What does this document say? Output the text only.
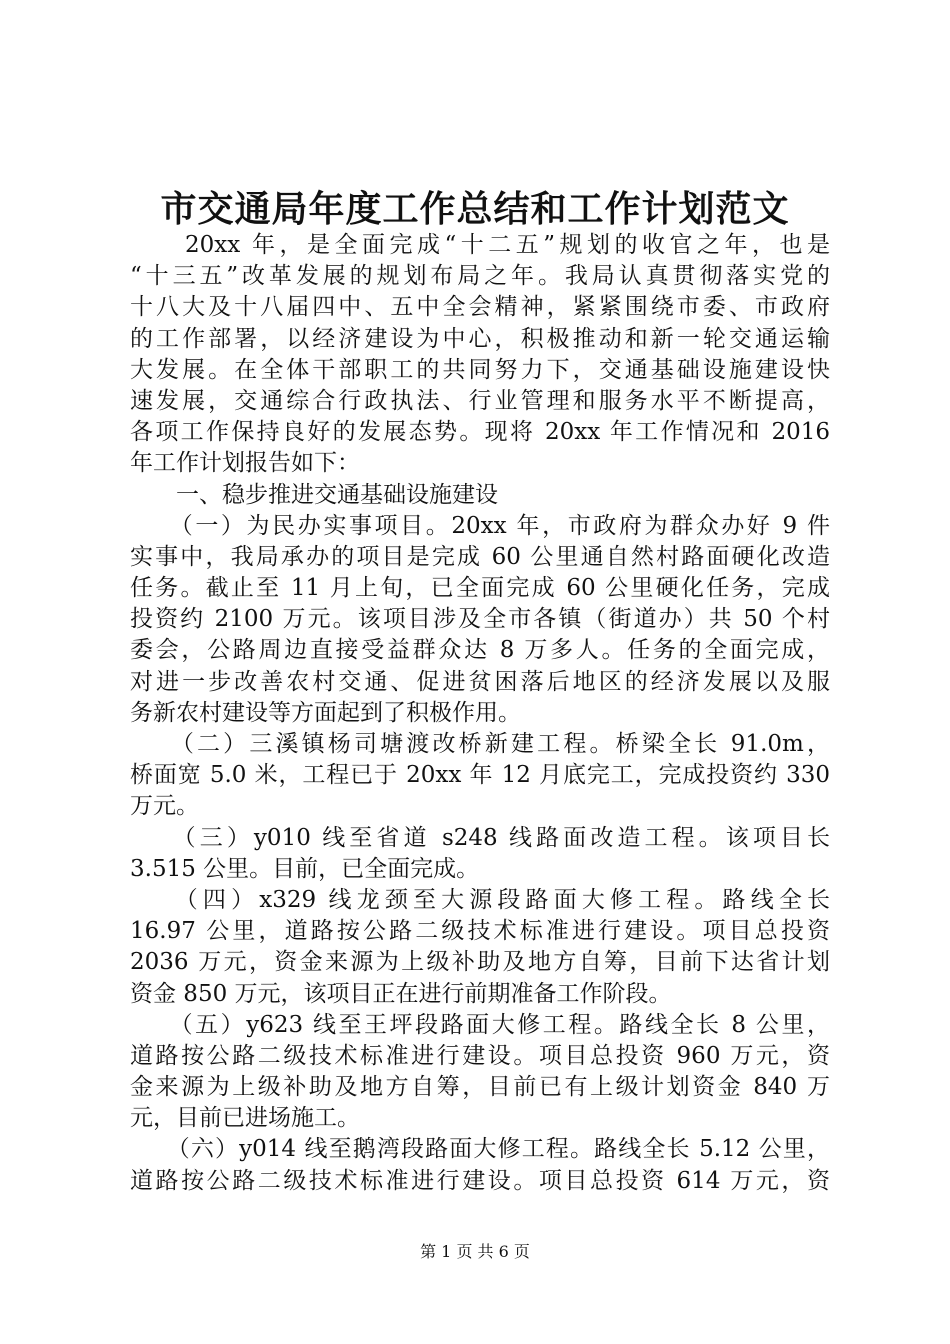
市交通局年度工作总结和工作计划范文
　　20xx 年，是全面完成“十二五”规划的收官之年，也是
“十三五”改革发展的规划布局之年。我局认真贯彻落实党的
十八大及十八届四中、五中全会精神，紧紧围绕市委、市政府
的工作部署，以经济建设为中心，积极推动和新一轮交通运输
大发展。在全体干部职工的共同努力下，交通基础设施建设快
速发展，交通综合行政执法、行业管理和服务水平不断提高，
各项工作保持良好的发展态势。现将 20xx 年工作情况和 2016
年工作计划报告如下：
　　一、稳步推进交通基础设施建设
　　（一）为民办实事项目。20xx 年，市政府为群众办好 9 件
实事中，我局承办的项目是完成 60 公里通自然村路面硬化改造
任务。截止至 11 月上旬，已全面完成 60 公里硬化任务，完成
投资约 2100 万元。该项目涉及全市各镇（街道办）共 50 个村
委会，公路周边直接受益群众达 8 万多人。任务的全面完成，
对进一步改善农村交通、促进贫困落后地区的经济发展以及服
务新农村建设等方面起到了积极作用。
　　（二）三溪镇杨司塘渡改桥新建工程。桥梁全长 91.0m，
桥面宽 5.0 米，工程已于 20xx 年 12 月底完工，完成投资约 330
万元。
　　（三）y010 线至省道 s248 线路面改造工程。该项目长
3.515 公里。目前，已全面完成。
　　（四）x329 线龙颈至大源段路面大修工程。路线全长
16.97 公里，道路按公路二级技术标准进行建设。项目总投资
2036 万元，资金来源为上级补助及地方自筹，目前下达省计划
资金 850 万元，该项目正在进行前期准备工作阶段。
　　（五）y623 线至王坪段路面大修工程。路线全长 8 公里，
道路按公路二级技术标准进行建设。项目总投资 960 万元，资
金来源为上级补助及地方自筹，目前已有上级计划资金 840 万
元，目前已进场施工。
　　（六）y014 线至鹅湾段路面大修工程。路线全长 5.12 公里，
道路按公路二级技术标准进行建设。项目总投资 614 万元，资
第 1 页 共 6 页
